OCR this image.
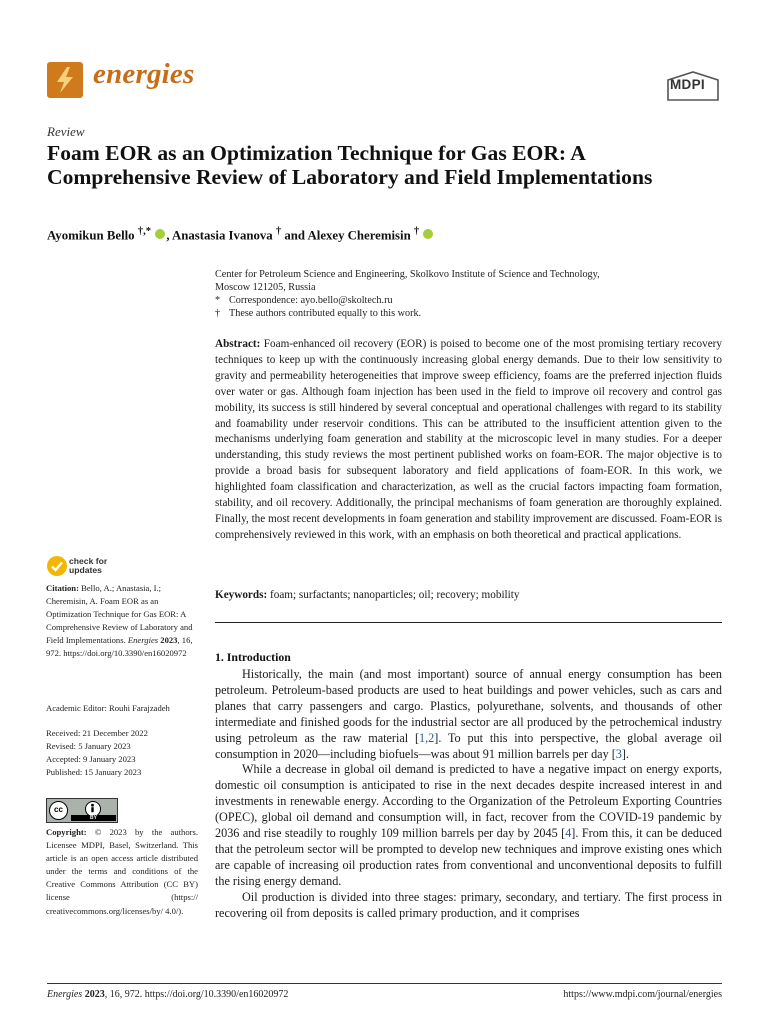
energies	MDPI
Review
Foam EOR as an Optimization Technique for Gas EOR: A Comprehensive Review of Laboratory and Field Implementations
Ayomikun Bello †,* , Anastasia Ivanova † and Alexey Cheremisin †
Center for Petroleum Science and Engineering, Skolkovo Institute of Science and Technology,
Moscow 121205, Russia
* Correspondence: ayo.bello@skoltech.ru
† These authors contributed equally to this work.
Abstract: Foam-enhanced oil recovery (EOR) is poised to become one of the most promising tertiary recovery techniques to keep up with the continuously increasing global energy demands. Due to their low sensitivity to gravity and permeability heterogeneities that improve sweep efficiency, foams are the preferred injection fluids over water or gas. Although foam injection has been used in the field to improve oil recovery and control gas mobility, its success is still hindered by several conceptual and operational challenges with regard to its stability and foamability under reservoir conditions. This can be attributed to the insufficient attention given to the mechanisms underlying foam generation and stability at the microscopic level in many studies. For a deeper understanding, this study reviews the most pertinent published works on foam-EOR. The major objective is to provide a broad basis for subsequent laboratory and field applications of foam-EOR. In this work, we highlighted foam classification and characterization, as well as the crucial factors impacting foam formation, stability, and oil recovery. Additionally, the principal mechanisms of foam generation are thoroughly explained. Finally, the most recent developments in foam generation and stability improvement are discussed. Foam-EOR is comprehensively reviewed in this work, with an emphasis on both theoretical and practical applications.
Keywords: foam; surfactants; nanoparticles; oil; recovery; mobility
check for
updates
Citation: Bello, A.; Anastasia, I.; Cheremisin, A. Foam EOR as an Optimization Technique for Gas EOR: A Comprehensive Review of Laboratory and Field Implementations. Energies 2023, 16, 972. https://doi.org/10.3390/en16020972
Academic Editor: Rouhi Farajzadeh
Received: 21 December 2022
Revised: 5 January 2023
Accepted: 9 January 2023
Published: 15 January 2023
cc
BY
Copyright: © 2023 by the authors. Licensee MDPI, Basel, Switzerland. This article is an open access article distributed under the terms and conditions of the Creative Commons Attribution (CC BY) license (https:// creativecommons.org/licenses/by/ 4.0/).
1. Introduction

Historically, the main (and most important) source of annual energy consumption has been petroleum. Petroleum-based products are used to heat buildings and power vehicles, such as cars and planes that carry passengers and cargo. Plastics, polyurethane, solvents, and thousands of other intermediate and finished goods for the industrial sector are all produced by the petrochemical industry using petroleum as the raw material [1,2]. To put this into perspective, the global average oil consumption in 2020—including biofuels—was about 91 million barrels per day [3].

While a decrease in global oil demand is predicted to have a negative impact on energy exports, domestic oil consumption is anticipated to rise in the next decades despite increased interest in and investments in renewable energy. According to the Organization of the Petroleum Exporting Countries (OPEC), global oil demand and consumption will, in fact, recover from the COVID-19 pandemic by 2036 and rise steadily to roughly 109 million barrels per day by 2045 [4]. From this, it can be deduced that the petroleum sector will be prompted to develop new techniques and improve existing ones which are capable of increasing oil production rates from conventional and unconventional deposits to fulfill the rising energy demand.

Oil production is divided into three stages: primary, secondary, and tertiary. The first process in recovering oil from deposits is called primary production, and it comprises

Energies 2023, 16, 972. https://doi.org/10.3390/en16020972	https://www.mdpi.com/journal/energies
